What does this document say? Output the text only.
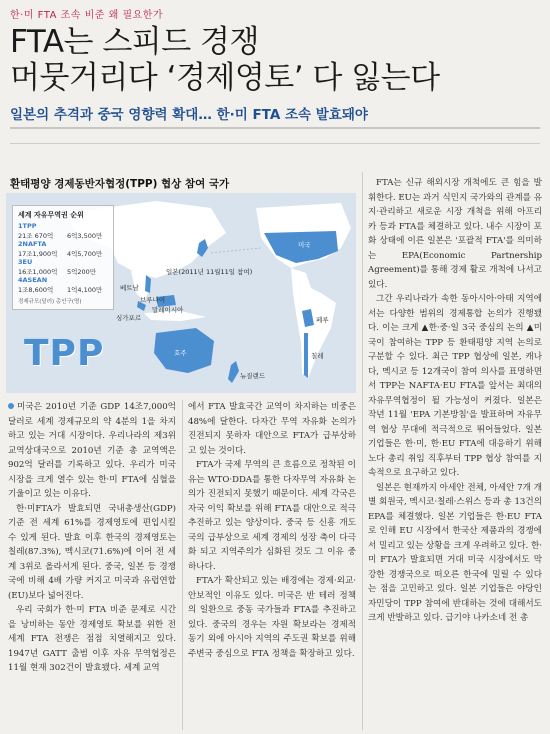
한·미 FTA 조속 비준 왜 필요한가
FTA는 스피드 경쟁
머뭇거리다 ‘경제영토’ 다 잃는다
일본의 추격과 중국 영향력 확대… 한·미 FTA 조속 발효돼야
환태평양 경제동반자협정(TPP) 협상 참여 국가
세계 자유무역권 순위
1TPP
21조 670억 6억3,500만
2NAFTA
17조1,900억 4억5,700만
3EU
16조1,000억 5억200만
4ASEAN
1조8,600억 1억4,100만
경제규모(달러) 총인구(명)
TPP
일본(2011년 11월11일 참여)
베트남
브루나이
말레이시아
싱가포르
호주
뉴질랜드
미국
페루
칠레

미국은 2010년 기준 GDP 14조7,000억 달러로 세계 경제규모의 약 4분의 1을 차지하고 있는 거대 시장이다. 우리나라의 제3위 교역상대국으로 2010년 기준 총 교역액은 902억 달러를 기록하고 있다. 우리가 미국 시장을 크게 열수 있는 한·미 FTA에 심혈을 기울이고 있는 이유다.

한·미FTA가 발효되면 국내총생산(GDP) 기준 전 세계 61%를 경제영토에 편입시킬 수 있게 된다. 발효 이후 한국의 경제영토는 칠레(87.3%), 멕시코(71.6%)에 이어 전 세계 3위로 올라서게 된다. 중국, 일본 등 경쟁국에 비해 4배 가량 커지고 미국과 유럽연합(EU)보다 넓어진다.

우리 국회가 한·미 FTA 비준 문제로 시간을 낭비하는 동안 경제영토 확보를 위한 전 세계 FTA 전쟁은 점점 치열해지고 있다. 1947년 GATT 출범 이후 자유 무역협정은 11월 현재 302건이 발효됐다. 세계 교역

에서 FTA 발효국간 교역이 차지하는 비중은 48%에 달한다. 다자간 무역 자유화 논의가 진전되지 못하자 대안으로 FTA가 급부상하고 있는 것이다.

FTA가 국제 무역의 큰 흐름으로 정착된 이유는 WTO·DDA를 통한 다자무역 자유화 논의가 진전되지 못했기 때문이다. 세계 각국은 자국 이익 확보를 위해 FTA를 대안으로 적극 추진하고 있는 양상이다. 중국 등 신흥 개도국의 급부상으로 세계 경제의 성장 축이 다극화 되고 지역주의가 심화된 것도 그 이유 중 하나다.

FTA가 확산되고 있는 배경에는 경제·외교·안보적인 이유도 있다. 미국은 반 테러 정책의 일환으로 중동 국가들과 FTA를 추진하고 있다. 중국의 경우는 자원 확보라는 경제적 동기 외에 아시아 지역의 주도권 확보를 위해 주변국 중심으로 FTA 정책을 확장하고 있다.

FTA는 신규 해외시장 개척에도 큰 힘을 발휘한다. EU는 과거 식민지 국가와의 관계를 유지·관리하고 새로운 시장 개척을 위해 아프리카 등과 FTA를 체결하고 있다. 내수 시장이 포화 상태에 이른 일본은 '포괄적 FTA'를 의미하는 EPA(Economic Partnership Agreement)를 통해 경제 활로 개척에 나서고 있다.

그간 우리나라가 속한 동아시아·아태 지역에서는 다양한 범위의 경제통합 논의가 진행됐다. 이는 크게 ▲한·중·일 3국 중심의 논의 ▲미국이 참여하는 TPP 등 환태평양 지역 논의로 구분할 수 있다. 최근 TPP 협상에 일본, 캐나다, 멕시코 등 12개국이 참여 의사를 표명하면서 TPP는 NAFTA·EU FTA를 앞서는 최대의 자유무역협정이 될 가능성이 커졌다. 일본은 작년 11월 'EPA 기본방침'을 발표하며 자유무역 협상 무대에 적극적으로 뛰어들었다. 일본 기업들은 한·미, 한·EU FTA에 대응하기 위해 노다 총리 취임 직후부터 TPP 협상 참여를 지속적으로 요구하고 있다.

일본은 현재까지 아세안 전체, 아세안 7개 개별 회원국, 멕시코·칠레·스위스 등과 총 13건의 EPA를 체결했다. 일본 기업들은 한·EU FTA로 인해 EU 시장에서 한국산 제품과의 경쟁에서 밀리고 있는 상황을 크게 우려하고 있다. 한·미 FTA가 발효되면 거대 미국 시장에서도 막강한 경쟁국으로 떠오른 한국에 밀릴 수 있다는 점을 고민하고 있다. 일본 기업들은 야당인 자민당이 TPP 참여에 반대하는 것에 대해서도 크게 반발하고 있다. 급기야 나카소네 전 총
